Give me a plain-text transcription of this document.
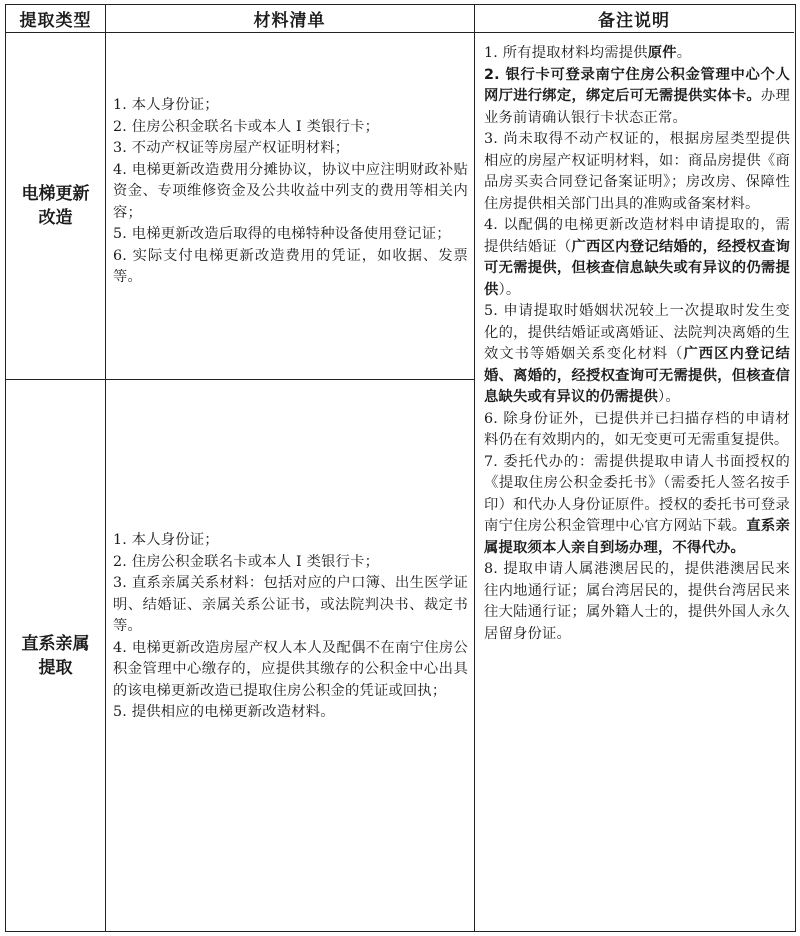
提取类型	材料清单	备注说明
电梯更新
改造
1. 本人身份证；
2. 住房公积金联名卡或本人 I 类银行卡；
3. 不动产权证等房屋产权证明材料；
4. 电梯更新改造费用分摊协议，协议中应注明财政补贴资金、专项维修资金及公共收益中列支的费用等相关内容；
5. 电梯更新改造后取得的电梯特种设备使用登记证；
6. 实际支付电梯更新改造费用的凭证，如收据、发票等。
直系亲属
提取
1. 本人身份证；
2. 住房公积金联名卡或本人 I 类银行卡；
3. 直系亲属关系材料：包括对应的户口簿、出生医学证明、结婚证、亲属关系公证书，或法院判决书、裁定书等。
4. 电梯更新改造房屋产权人本人及配偶不在南宁住房公积金管理中心缴存的，应提供其缴存的公积金中心出具的该电梯更新改造已提取住房公积金的凭证或回执；
5. 提供相应的电梯更新改造材料。
1. 所有提取材料均需提供原件。
2. 银行卡可登录南宁住房公积金管理中心个人网厅进行绑定，绑定后可无需提供实体卡。办理业务前请确认银行卡状态正常。
3. 尚未取得不动产权证的，根据房屋类型提供相应的房屋产权证明材料，如：商品房提供《商品房买卖合同登记备案证明》；房改房、保障性住房提供相关部门出具的准购或备案材料。
4. 以配偶的电梯更新改造材料申请提取的，需提供结婚证（广西区内登记结婚的，经授权查询可无需提供，但核查信息缺失或有异议的仍需提供）。
5. 申请提取时婚姻状况较上一次提取时发生变化的，提供结婚证或离婚证、法院判决离婚的生效文书等婚姻关系变化材料（广西区内登记结婚、离婚的，经授权查询可无需提供，但核查信息缺失或有异议的仍需提供）。
6. 除身份证外，已提供并已扫描存档的申请材料仍在有效期内的，如无变更可无需重复提供。
7. 委托代办的：需提供提取申请人书面授权的《提取住房公积金委托书》（需委托人签名按手印）和代办人身份证原件。授权的委托书可登录南宁住房公积金管理中心官方网站下载。直系亲属提取须本人亲自到场办理，不得代办。
8. 提取申请人属港澳居民的，提供港澳居民来往内地通行证；属台湾居民的，提供台湾居民来往大陆通行证；属外籍人士的，提供外国人永久居留身份证。
